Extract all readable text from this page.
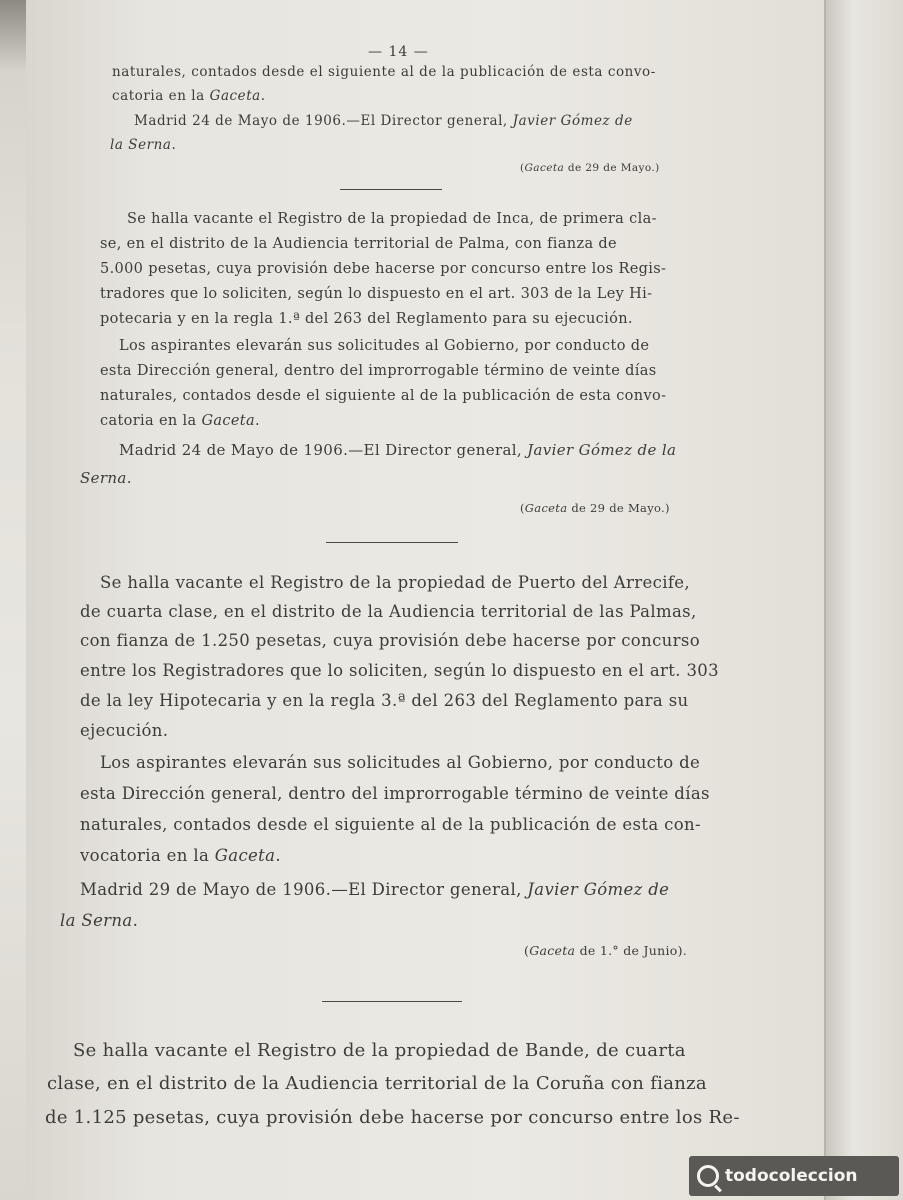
— 14 —
naturales, contados desde el siguiente al de la publicación de esta convo-
catoria en la Gaceta.
Madrid 24 de Mayo de 1906.—El Director general, Javier Gómez de
la Serna.
(Gaceta de 29 de Mayo.)
Se halla vacante el Registro de la propiedad de Inca, de primera cla-
se, en el distrito de la Audiencia territorial de Palma, con fianza de
5.000 pesetas, cuya provisión debe hacerse por concurso entre los Regis-
tradores que lo soliciten, según lo dispuesto en el art. 303 de la Ley Hi-
potecaria y en la regla 1.ª del 263 del Reglamento para su ejecución.
Los aspirantes elevarán sus solicitudes al Gobierno, por conducto de
esta Dirección general, dentro del improrrogable término de veinte días
naturales, contados desde el siguiente al de la publicación de esta convo-
catoria en la Gaceta.
Madrid 24 de Mayo de 1906.—El Director general, Javier Gómez de la
Serna.
(Gaceta de 29 de Mayo.)
Se halla vacante el Registro de la propiedad de Puerto del Arrecife,
de cuarta clase, en el distrito de la Audiencia territorial de las Palmas,
con fianza de 1.250 pesetas, cuya provisión debe hacerse por concurso
entre los Registradores que lo soliciten, según lo dispuesto en el art. 303
de la ley Hipotecaria y en la regla 3.ª del 263 del Reglamento para su
ejecución.
Los aspirantes elevarán sus solicitudes al Gobierno, por conducto de
esta Dirección general, dentro del improrrogable término de veinte días
naturales, contados desde el siguiente al de la publicación de esta con-
vocatoria en la Gaceta.
Madrid 29 de Mayo de 1906.—El Director general, Javier Gómez de
la Serna.
(Gaceta de 1.° de Junio).
Se halla vacante el Registro de la propiedad de Bande, de cuarta
clase, en el distrito de la Audiencia territorial de la Coruña con fianza
de 1.125 pesetas, cuya provisión debe hacerse por concurso entre los Re-
todocoleccion
